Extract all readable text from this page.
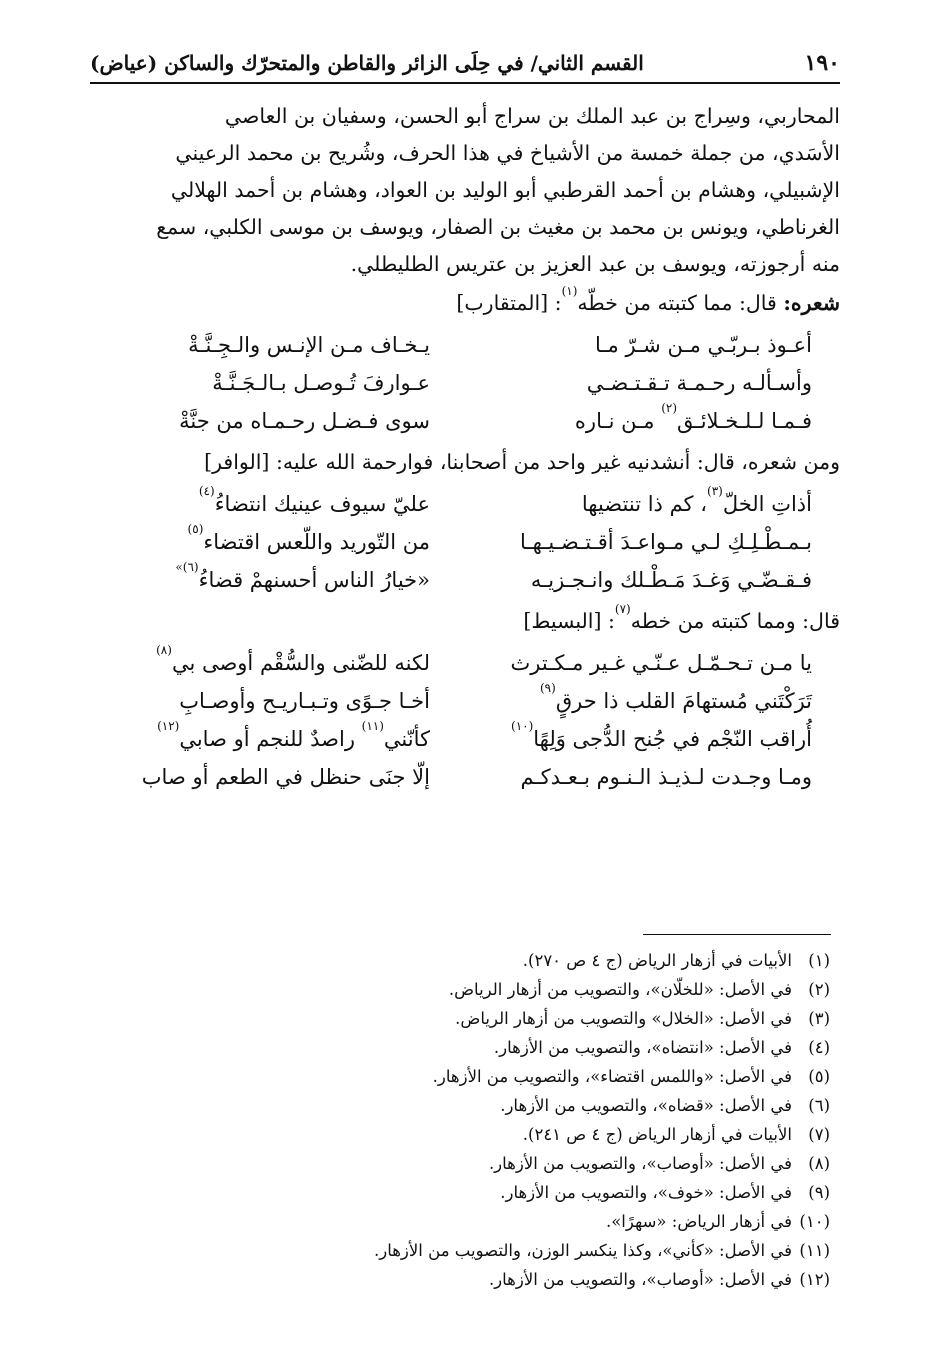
١٩٠
القسم الثاني/ في حِلَى الزائر والقاطن والمتحرّك والساكن (عياض)
المحاربي، وسِراج بن عبد الملك بن سراج أبو الحسن، وسفيان بن العاصي
الأسَدي، من جملة خمسة من الأشياخ في هذا الحرف، وشُريح بن محمد الرعيني
الإشبيلي، وهشام بن أحمد القرطبي أبو الوليد بن العواد، وهشام بن أحمد الهلالي
الغرناطي، ويونس بن محمد بن مغيث بن الصفار، ويوسف بن موسى الكلبي، سمع
منه أرجوزته، ويوسف بن عبد العزيز بن عتريس الطليطلي.
شعره: قال: مما كتبته من خطّه$^{(١)}$: [المتقارب]
أعـوذ بـربّـي مـن شـرّ مـا
يـخـاف مـن الإنـس والـجِـنَّـةْ
وأسـألـه رحـمـة تـقـتـضـي
عـوارفَ تُـوصـل بـالـجَـنَّـةْ
فـمـا لـلـخـلائـق$^{(٢)}$ مـن نـاره
سوى فـضـل رحـمـاه من جنَّةْ
ومن شعره، قال: أنشدنيه غير واحد من أصحابنا، فوارحمة الله عليه: [الوافر]
أذاتِ الخلّ$^{(٣)}$، كم ذا تنتضيها
عليّ سيوف عينيك انتضاءُ$^{(٤)}$
بـمـطْـلِـكِ لـي مـواعـدَ أقـتـضـيـهـا
من التّوريد واللّعس اقتضاء$^{(٥)}$
فـقـضّـي وَغـدَ مَـطْـلك وانـجـزيـه
«خيارُ الناس أحسنهمْ قضاءُ$^{(٦)»}$
قال: ومما كتبته من خطه$^{(٧)}$: [البسيط]
يا مـن تـحـمّـل عـنّـي غـير مـكـترث
لكنه للضّنى والسُّقْم أوصى بي$^{(٨)}$
تَرَكْتَني مُستهامَ القلب ذا حرقٍ$^{(٩)}$
أخـا جـوًى وتـبـاريـح وأوصـابِ
أُراقب النّجْم في جُنح الدُّجى وَلِهًا$^{(١٠)}$
كأنّني$^{(١١)}$ راصدٌ للنجم أو صابي$^{(١٢)}$
ومـا وجـدت لـذيـذ الـنـوم بـعـدكـم
إلّا جنَى حنظل في الطعم أو صاب
(١)الأبيات في أزهار الرياض (ج ٤ ص ٢٧٠).
(٢)في الأصل: «للخلّان»، والتصويب من أزهار الرياض.
(٣)في الأصل: «الخلال» والتصويب من أزهار الرياض.
(٤)في الأصل: «انتضاه»، والتصويب من الأزهار.
(٥)في الأصل: «واللمس اقتضاء»، والتصويب من الأزهار.
(٦)في الأصل: «قضاه»، والتصويب من الأزهار.
(٧)الأبيات في أزهار الرياض (ج ٤ ص ٢٤١).
(٨)في الأصل: «أوصاب»، والتصويب من الأزهار.
(٩)في الأصل: «خوف»، والتصويب من الأزهار.
(١٠)في أزهار الرياض: «سهرًا».
(١١)في الأصل: «كأني»، وكذا ينكسر الوزن، والتصويب من الأزهار.
(١٢)في الأصل: «أوصاب»، والتصويب من الأزهار.
